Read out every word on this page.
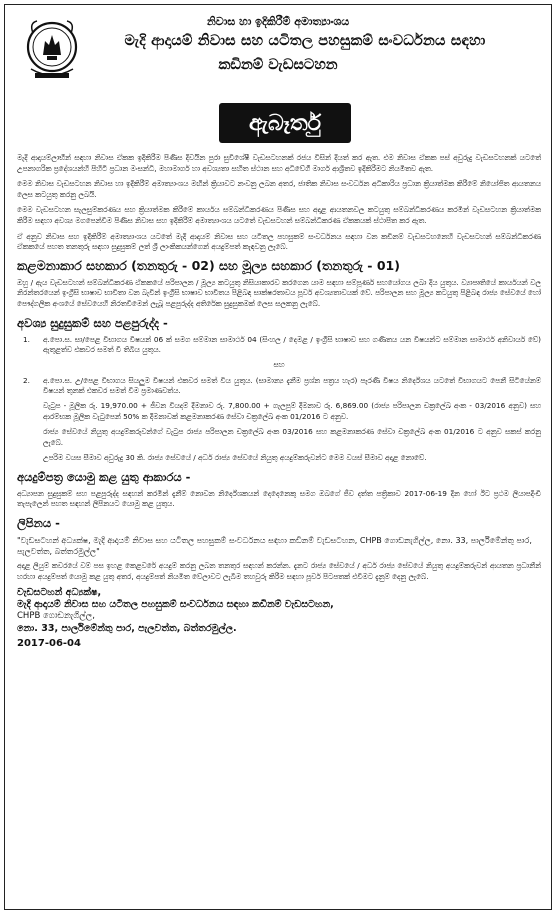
නිවාස හා ඉදිකිරීම් අමාත්‍යාංශය
මැදි ආදායම් නිවාස සහ යටිතල පහසුකම් සංවර්ධනය සඳහා
කඩිනම් වැඩසටහන
ඇබෑර්තු

මැදි ආදායම්ලාභීන් සඳහා නිවාස ඒකක ඉදිකිරීම පිණිස දිවයින පුරා සුවිශේෂී වැඩසටහනක් රජය විසින් දියත් කර ඇත. එම නිවාස ඒකක පස් අවුරුදු වැඩසටහනක් යටතේ උපනාගරික ප්‍රදේශයන්හි පිහිටි ප්‍රධාන මංසන්ධි, මහාමාර්ග හා අවශ්‍යතා සහිත ස්ථාන සහ අධිවේගී මාර්ග ආශ්‍රිතව ඉදිකිරීමට නියමිතව ඇත.

මෙම නිවාස වැඩසටහන නිවාස හා ඉදිකිරීම් අමාත්‍යාංශය මඟින් ක්‍රියාවට නංවනු ලබන අතර, ජාතික නිවාස සංවර්ධන අධිකාරිය ප්‍රධාන ක්‍රියාත්මක කිරීමේ නියෝජිත ආයතනය ලෙස කටයුතු කරනු ලබයි.

මෙම වැඩසටහන සැලසුම්කරණය සහ ක්‍රියාත්මක කිරීමේ කාර්යය සම්බන්ධීකරණය පිණිස සහ අදාළ ආයතනවල කටයුතු සම්බන්ධීකරණය කරමින් වැඩසටහන ක්‍රියාත්මක කිරීම සඳහා අවශ්‍ය මගපෙන්වීම පිණිස නිවාස සහ ඉදිකිරීම් අමාත්‍යාංශය යටතේ වැඩසටහන් සම්බන්ධීකරණ ඒකකයක් ස්ථාපිත කර ඇත.

ඒ අනුව නිවාස සහ ඉදිකිරීම් අමාත්‍යාංශය යටතේ මැදි ආදායම් නිවාස සහ යටිතල පහසුකම් සංවර්ධනය සඳහා වන කඩිනම් වැඩසටහනෙහි වැඩසටහන් සම්බන්ධීකරණ ඒකකයේ පහත තනතුරු සඳහා සුදුසුකම් ලත් ශ්‍රී ලාංකිකයන්ගෙන් අයදුම්පත් කැඳවනු ලැබේ.

කළමනාකාර සහකාර (තනතුරු - 02) සහ මූල්‍ය සහකාර (තනතුරු - 01)

ඔහු / ඇය වැඩසටහන් සම්බන්ධීකරණ ඒකකයේ පරිපාලන / මූල්‍ය කටයුතු නිසියාකාරව කරගෙන යාම සඳහා සම්පූර්ණ සහයෝගය ලබා දිය යුතුය. ව්‍යාපෘතියේ කාර්යයන් වල නිරන්තරයෙන් ඉංග්‍රීසි භාෂාව භාවිතා වන බැවින් ඉංග්‍රීසි භාෂාව භාවිතය පිළිබඳ සාක්ෂරතාවය පූර්ව අවශ්‍යතාවයක් වේ. පරිපාලන සහ මූල්‍ය කටයුතු පිළිබඳ රාජ්‍ය සේවයේ හෝ පෞද්ගලික අංශයේ සේවයෙහි නිරතවීමෙන් ලැබූ පළපුරුද්ද අතිරේක සුදුසුකමක් ලෙස සලකනු ලැබේ.

අවශ්‍ය සුදුසුකම් සහ පළපුරුද්ද -
1. අ.පො.ස. සා/පෙළ විභාගය විෂයන් 06 ක් සමග සම්මාන සාමාර්ථ 04 (සිංහල / දෙමළ / ඉංග්‍රීසි භාෂාව සහ ගණිතය යන විෂයන්ට සම්මාන සාමාර්ථ අනිවාර්ය වේ) ඇතුළත්ව එකවර සමත් වී තිබිය යුතුය.

සහ
2. අ.පො.ස. උ/පෙළ විභාගය සියලුම විෂයන් එකවර සමත් විය යුතුය. (සාමාන්‍ය දැනීම ප්‍රශ්න පත්‍රය හැර) පැරණි විෂය නිර්දේශය යටතේ විභාගයට පෙනී සිටියේනම් විෂයන් තුනක් එකවර සමත් වීම ප්‍රමාණවත්ය.

වැටුප - මූලික රු. 19,970.00 + ජීවන වියදම් දීමනාව රු. 7,800.00 + ගැලපුම් දීමනාව රු. 6,869.00 (රාජ්‍ය පරිපාලන චක්‍රලේඛ අංක - 03/2016 අනුව) සහ ආරම්භක මූලික වැටුපෙන් 50% ක දීමනාවක් කළමනාකරණ සේවා චක්‍රලේඛ අංක 01/2016 ට අනුව.

රාජ්‍ය සේවයේ නියුතු අයදුම්කරුවන්ගේ වැටුප රාජ්‍ය පරිපාලන චක්‍රලේඛ අංක 03/2016 සහ කළමනාකරණ සේවා චක්‍රලේඛ අංක 01/2016 ට අනුව සකස් කරනු ලැබේ.

උපරිම වයස සීමාව අවුරුදු 30 කි. රාජ්‍ය සේවයේ / අර්ධ රාජ්‍ය සේවයේ නියුතු අයදුම්කරුවන්ට මෙම වයස් සීමාව අදාළ නොවේ.

අයදුම්පත්‍ර යොමු කළ යුතු ආකාරය -

අධ්‍යාපන සුදුසුකම් සහ පළපුරුද්ද සඳහන් කරමින් දැනීම් නොවන නිර්දේශකයන් දෙදෙනෙකු සමග ඔබගේ ජීව දත්ත පත්‍රිකාව 2017-06-19 දින හෝ ඊට ප්‍රථම ලියාපදිංචි තැපැලෙන් පහත සඳහන් ලිපිනයට යොමු කළ යුතුය.

ලිපිනය -

"වැඩසටහන් අධ්‍යක්ෂ, මැදි ආදායම් නිවාස සහ යටිතල පහසුකම් සංවර්ධනය සඳහා කඩිනම් වැඩසටහන, CHPB ගොඩනැගිල්ල, නො. 33, පාර්ලිමේන්තු පාර, පැලවත්ත, බත්තරමුල්ල"

අදාළ ලියුම් කවරයේ වම් පස ඉහළ කෙළවරේ අයදුම් කරනු ලබන තනතුර සඳහන් කරන්න. දැනට රාජ්‍ය සේවයේ / අර්ධ රාජ්‍ය සේවයේ නියුතු අයදුම්කරුවන් ආයතන ප්‍රධානීන් හරහා අයදුම්පත් යොමු කළ යුතු අතර, අයදුම්පත් නියමිත වේලාවට ලැබීම තහවුරු කිරීම සඳහා පූර්ව පිටපතක් එවීමට දැනුම් දෙනු ලැබේ.

වැඩසටහන් අධ්‍යක්ෂ,

මැදි ආදායම් නිවාස සහ යටිතල පහසුකම් සංවර්ධනය සඳහා කඩිනම් වැඩසටහන,

CHPB ගොඩනැගිල්ල,

නො. 33, පාර්ලිමේන්තු පාර, පැලවත්ත, බත්තරමුල්ල.

2017-06-04
